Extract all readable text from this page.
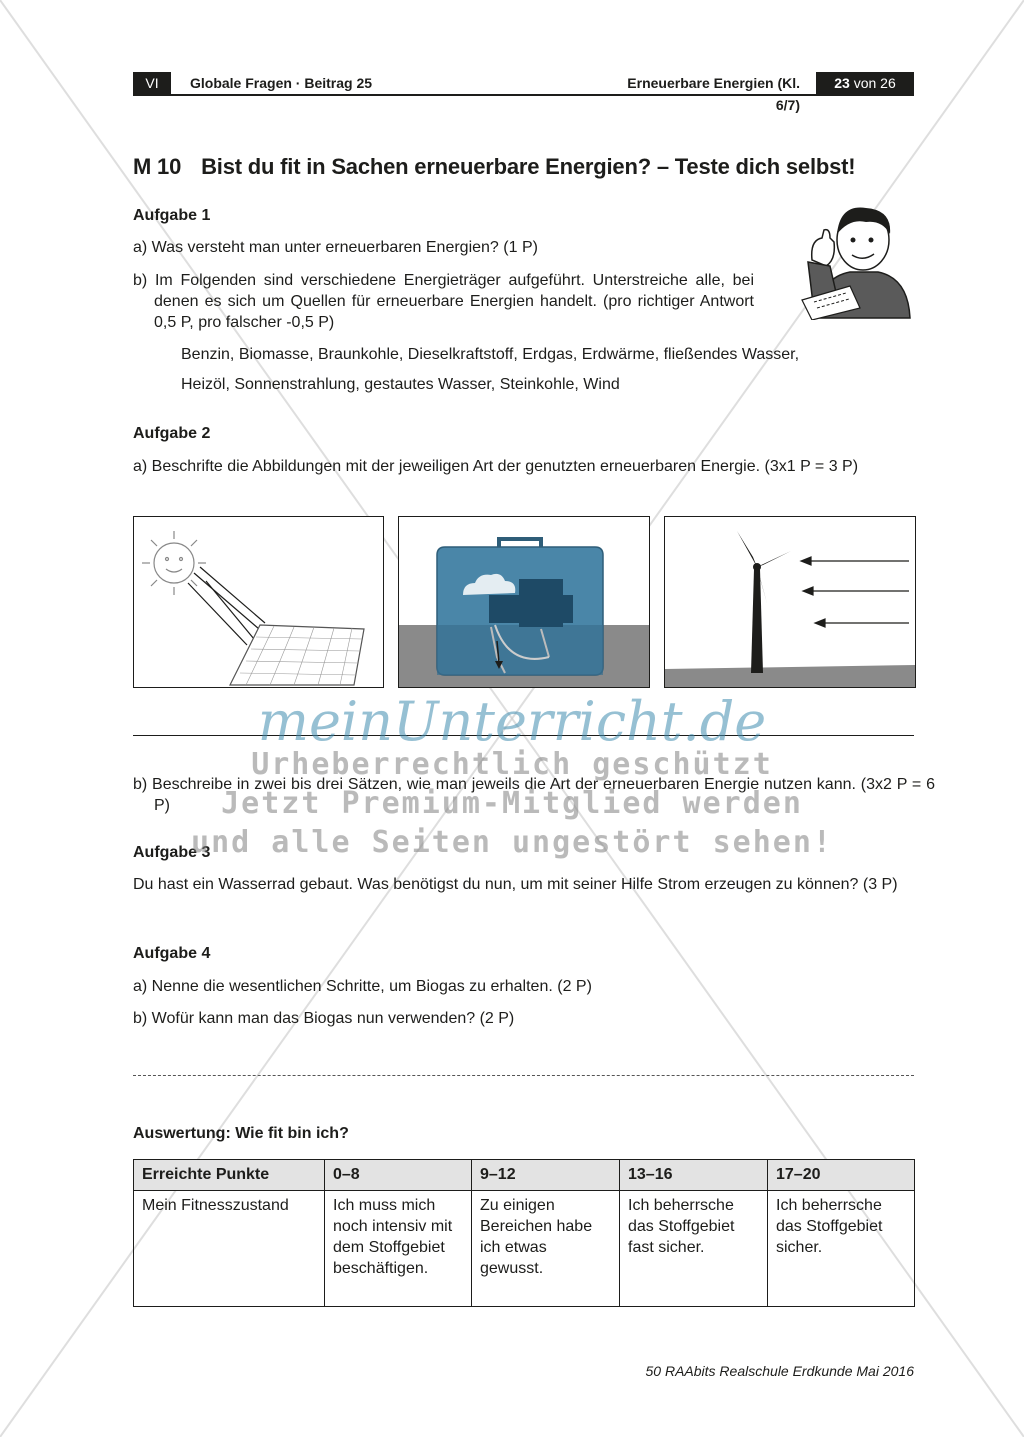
VI	Globale Fragen · Beitrag 25	Erneuerbare Energien (Kl. 6/7)
23 von 26
M 10 Bist du fit in Sachen erneuerbare Energien? – Teste dich selbst!
Aufgabe 1
a) Was versteht man unter erneuerbaren Energien? (1 P)
b) Im Folgenden sind verschiedene Energieträger aufgeführt. Unterstreiche alle, bei denen es sich um Quellen für erneuerbare Energien handelt. (pro richtiger Antwort 0,5 P, pro falscher -0,5 P)
Benzin, Biomasse, Braunkohle, Dieselkraftstoff, Erdgas, Erdwärme, fließendes Wasser,
Heizöl, Sonnenstrahlung, gestautes Wasser, Steinkohle, Wind
Aufgabe 2
a) Beschrifte die Abbildungen mit der jeweiligen Art der genutzten erneuerbaren Energie. (3x1 P = 3 P)
b) Beschreibe in zwei bis drei Sätzen, wie man jeweils die Art der erneuerbaren Energie nutzen kann. (3x2 P = 6 P)
Aufgabe 3
Du hast ein Wasserrad gebaut. Was benötigst du nun, um mit seiner Hilfe Strom erzeugen zu können? (3 P)
Aufgabe 4
a) Nenne die wesentlichen Schritte, um Biogas zu erhalten. (2 P)
b) Wofür kann man das Biogas nun verwenden? (2 P)
Auswertung: Wie fit bin ich?
Erreichte Punkte	0–8	9–12	13–16	17–20
Mein Fitnesszustand	Ich muss mich noch intensiv mit dem Stoffgebiet beschäftigen.	Zu einigen Bereichen habe ich etwas gewusst.	Ich beherrsche das Stoffgebiet fast sicher.	Ich beherrsche das Stoffgebiet sicher.
meinUnterricht.de
Urheberrechtlich geschützt
Jetzt Premium-Mitglied werden
und alle Seiten ungestört sehen!
50 RAAbits Realschule Erdkunde Mai 2016
